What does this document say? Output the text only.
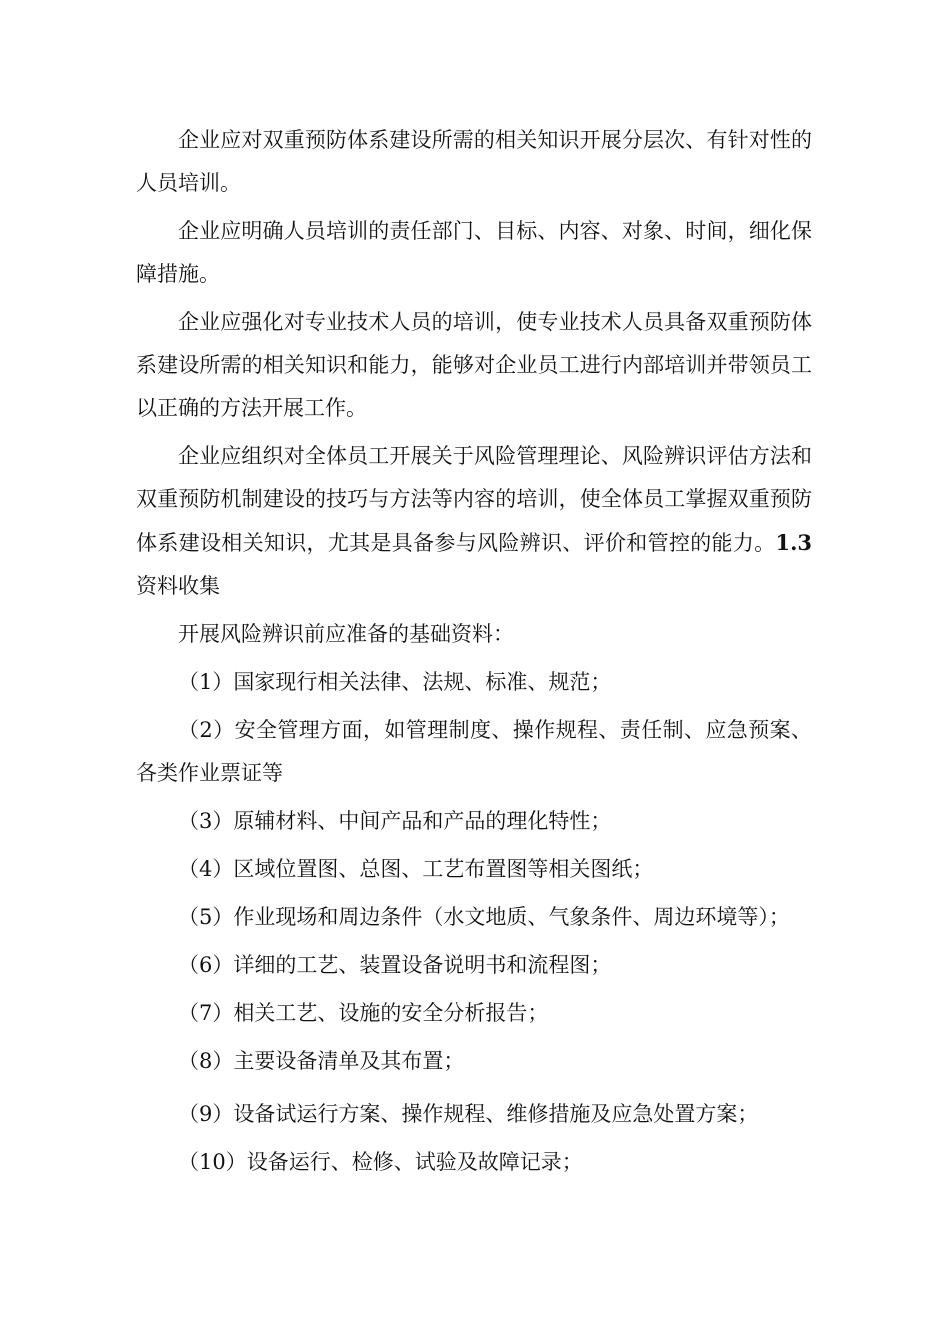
企业应对双重预防体系建设所需的相关知识开展分层次、有针对性的人员培训。

企业应明确人员培训的责任部门、目标、内容、对象、时间，细化保障措施。

企业应强化对专业技术人员的培训，使专业技术人员具备双重预防体系建设所需的相关知识和能力，能够对企业员工进行内部培训并带领员工以正确的方法开展工作。

企业应组织对全体员工开展关于风险管理理论、风险辨识评估方法和双重预防机制建设的技巧与方法等内容的培训，使全体员工掌握双重预防体系建设相关知识，尤其是具备参与风险辨识、评价和管控的能力。1.3资料收集

开展风险辨识前应准备的基础资料：

（1）国家现行相关法律、法规、标准、规范；

（2）安全管理方面，如管理制度、操作规程、责任制、应急预案、各类作业票证等

（3）原辅材料、中间产品和产品的理化特性；

（4）区域位置图、总图、工艺布置图等相关图纸；

（5）作业现场和周边条件（水文地质、气象条件、周边环境等）；

（6）详细的工艺、装置设备说明书和流程图；

（7）相关工艺、设施的安全分析报告；

（8）主要设备清单及其布置；

（9）设备试运行方案、操作规程、维修措施及应急处置方案；

（10）设备运行、检修、试验及故障记录；
